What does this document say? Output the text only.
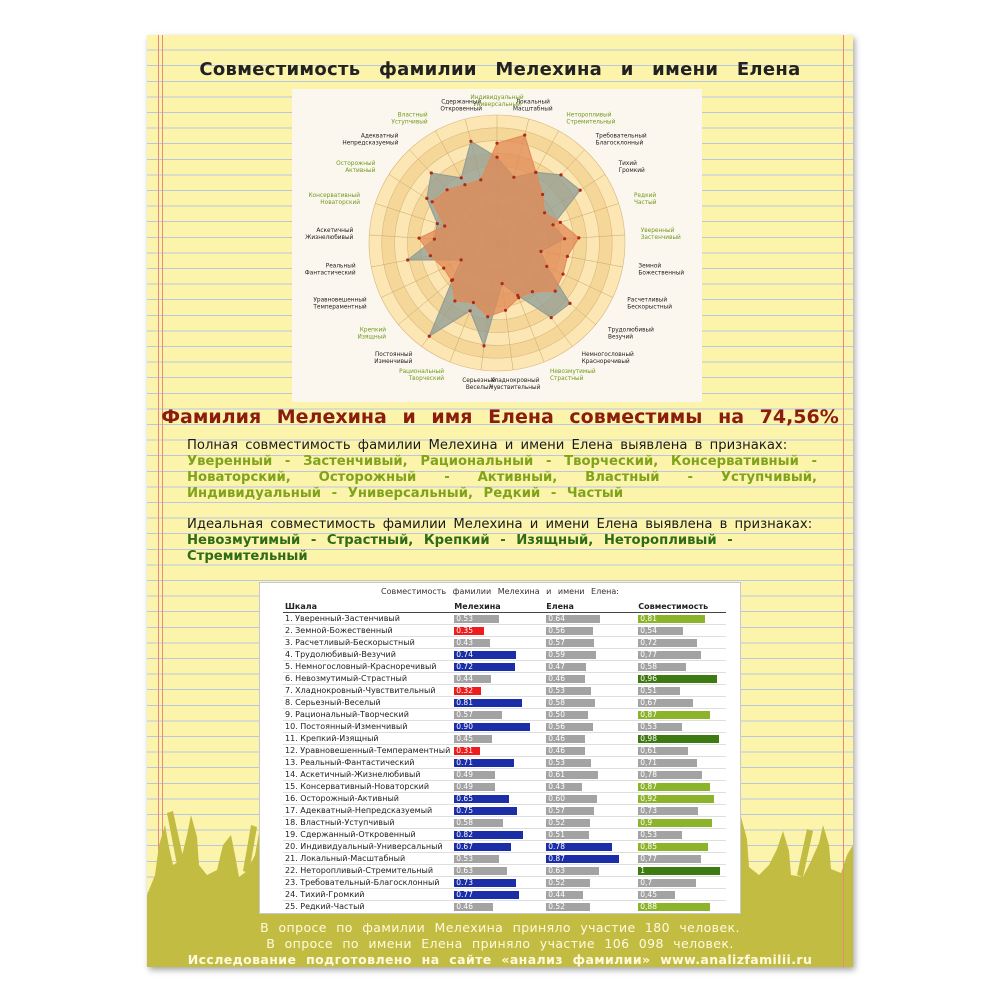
Совместимость фамилии Мелехина и имени Елена
Индивидуальный Универсальный
Локальный Масштабный
Неторопливый Стремительный
Требовательный Благосклонный
Тихий Громкий
Редкий Частый
Уверенный Застенчивый
Земной Божественный
Расчетливый Бескорыстный
Трудолюбивый Везучий
Немногословный Красноречивый
Невозмутимый Страстный
Хладнокровный Чувствительный
Серьезный Веселый
Рациональный Творческий
Постоянный Изменчивый
Крепкий Изящный
Уравновешенный Темпераментный
Реальный Фантастический
Аскетичный Жизнелюбивый
Консервативный Новаторский
Осторожный Активный
Адекватный Непредсказуемый
Властный Уступчивый
Сдержанный Откровенный
Фамилия Мелехина и имя Елена совместимы на 74,56%
Полная совместимость фамилии Мелехина и имени Елена выявлена в признаках:
Уверенный - Застенчивый, Рациональный - Творческий, Консервативный - Новаторский, Осторожный - Активный, Властный - Уступчивый, Индивидуальный - Универсальный, Редкий - Частый
Идеальная совместимость фамилии Мелехина и имени Елена выявлена в признаках:
Невозмутимый - Страстный, Крепкий - Изящный, Неторопливый - Стремительный
Совместимость фамилии Мелехина и имени Елена:
Шкала	Мелехина	Елена	Совместимость
1. Уверенный-Застенчивый	0.53	0.64	0,81

2. Земной-Божественный	0.35	0.56	0,54

3. Расчетливый-Бескорыстный	0.43	0.57	0,72

4. Трудолюбивый-Везучий	0.74	0.59	0,77

5. Немногословный-Красноречивый	0.72	0.47	0,58

6. Невозмутимый-Страстный	0.44	0.46	0,96

7. Хладнокровный-Чувствительный	0.32	0.53	0,51

8. Серьезный-Веселый	0.81	0.58	0,67

9. Рациональный-Творческий	0.57	0.50	0,87

10. Постоянный-Изменчивый	0.90	0.56	0,53

11. Крепкий-Изящный	0.45	0.46	0,98

12. Уравновешенный-Темпераментный	0.31	0.46	0,61

13. Реальный-Фантастический	0.71	0.53	0,71

14. Аскетичный-Жизнелюбивый	0.49	0.61	0,78

15. Консервативный-Новаторский	0.49	0.43	0,87

16. Осторожный-Активный	0.65	0.60	0,92

17. Адекватный-Непредсказуемый	0.75	0.57	0,73

18. Властный-Уступчивый	0.58	0.52	0,9

19. Сдержанный-Откровенный	0.82	0.51	0,53

20. Индивидуальный-Универсальный	0.67	0.78	0,85

21. Локальный-Масштабный	0.53	0.87	0,77

22. Неторопливый-Стремительный	0.63	0.63	1

23. Требовательный-Благосклонный	0.73	0.52	0,7

24. Тихий-Громкий	0.77	0.44	0,45

25. Редкий-Частый	0.46	0.52	0,88
В опросе по фамилии Мелехина приняло участие 180 человек.
В опросе по имени Елена приняло участие 106 098 человек.
Исследование подготовлено на сайте «анализ фамилии» www.analizfamilii.ru
